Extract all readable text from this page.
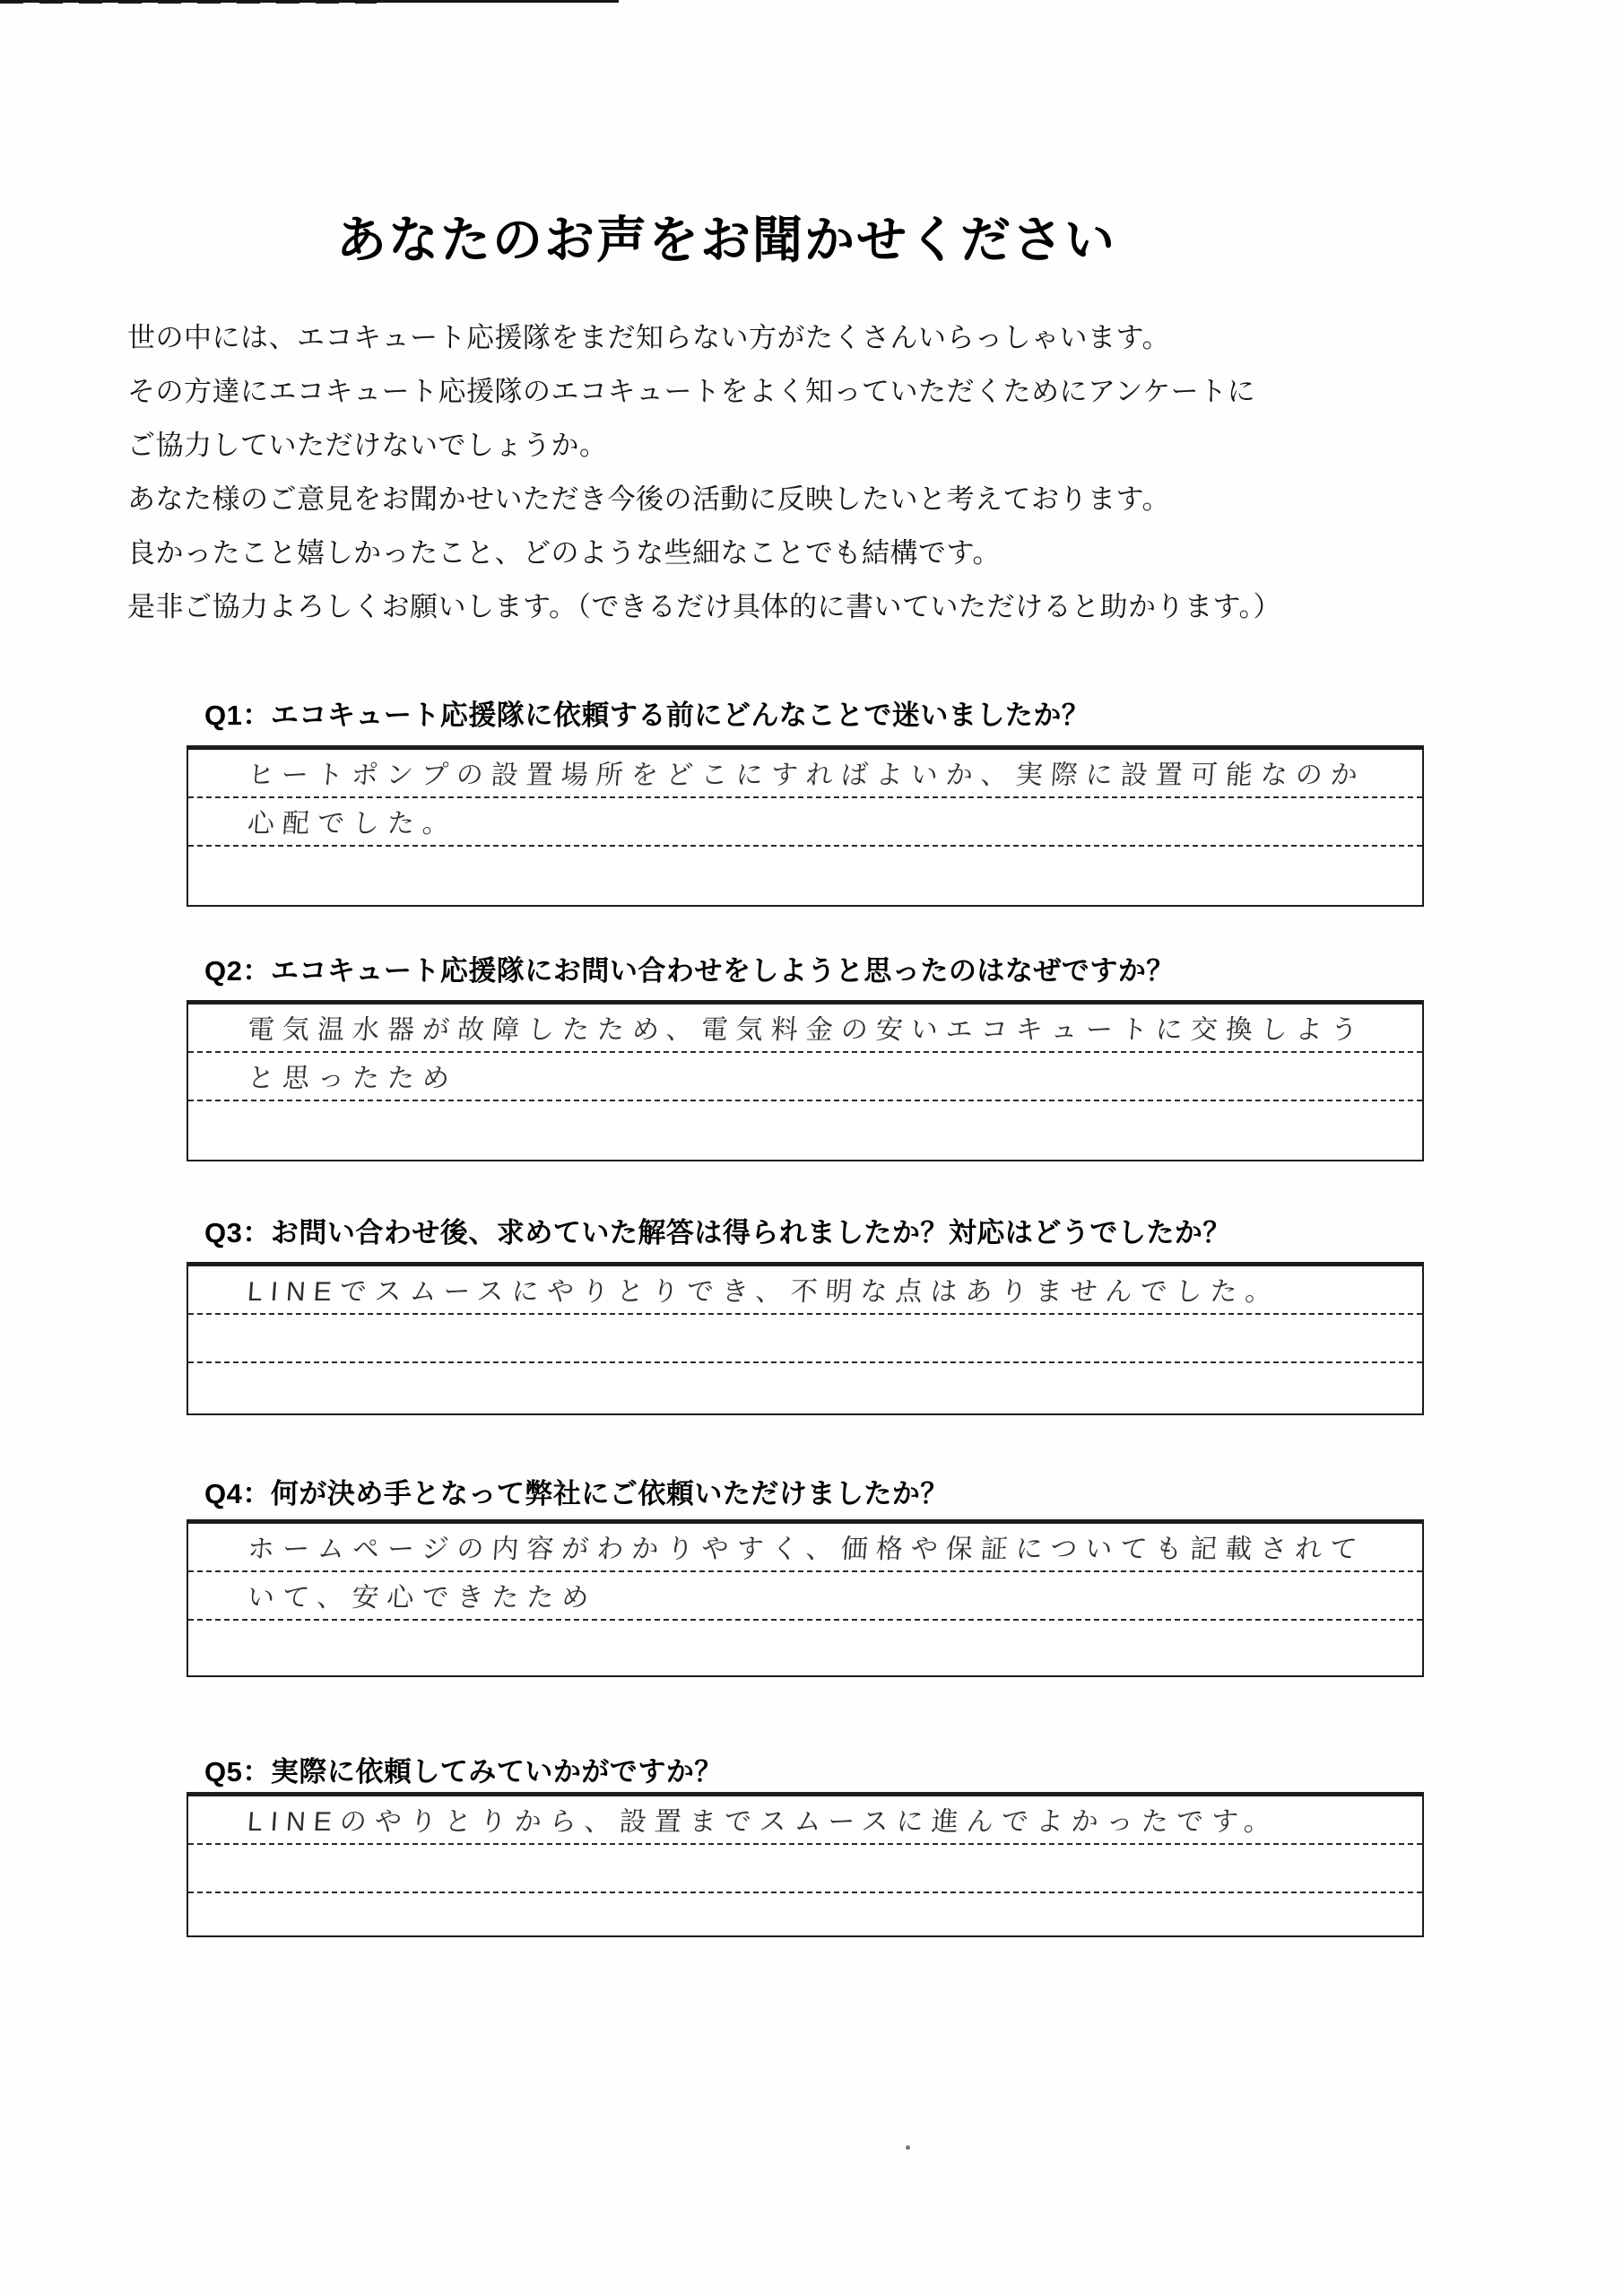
あなたのお声をお聞かせください
世の中には、エコキュート応援隊をまだ知らない方がたくさんいらっしゃいます。
その方達にエコキュート応援隊のエコキュートをよく知っていただくためにアンケートに
ご協力していただけないでしょうか。
あなた様のご意見をお聞かせいただき今後の活動に反映したいと考えております。
良かったこと嬉しかったこと、どのような些細なことでも結構です。
是非ご協力よろしくお願いします。（できるだけ具体的に書いていただけると助かります。）
Q1：エコキュート応援隊に依頼する前にどんなことで迷いましたか？
ヒートポンプの設置場所をどこにすればよいか、実際に設置可能なのか
心配でした。
Q2：エコキュート応援隊にお問い合わせをしようと思ったのはなぜですか？
電気温水器が故障したため、電気料金の安いエコキュートに交換しよう
と思ったため
Q3：お問い合わせ後、求めていた解答は得られましたか？対応はどうでしたか？
LINEでスムースにやりとりでき、不明な点はありませんでした。
Q4：何が決め手となって弊社にご依頼いただけましたか？
ホームページの内容がわかりやすく、価格や保証についても記載されて
いて、安心できたため
Q5：実際に依頼してみていかがですか？
LINEのやりとりから、設置までスムースに進んでよかったです。
